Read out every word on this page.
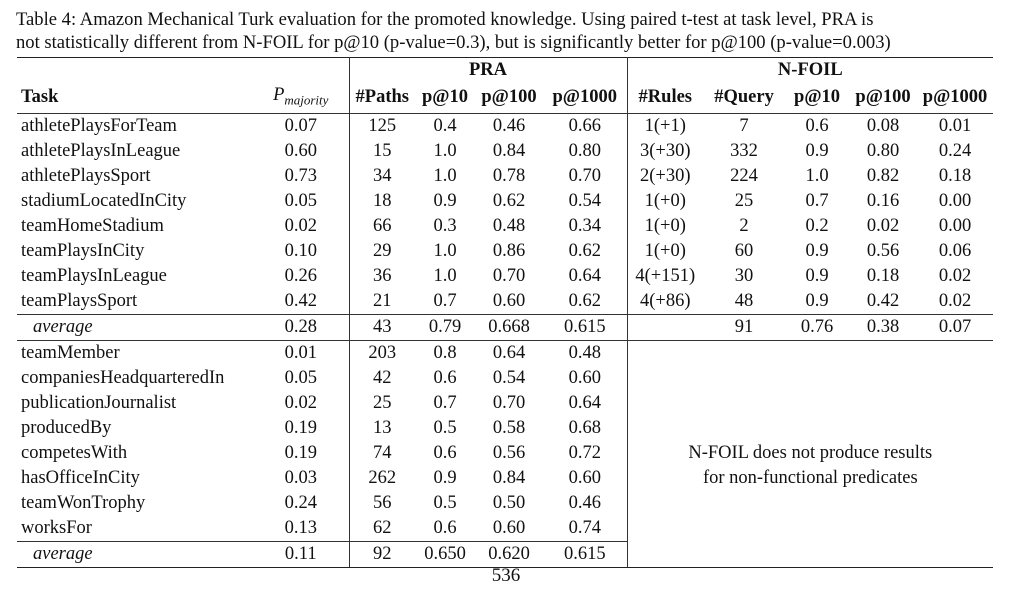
Table 4: Amazon Mechanical Turk evaluation for the promoted knowledge. Using paired t-test at task level, PRA is
not statistically different from N-FOIL for p@10 (p-value=0.3), but is significantly better for p@100 (p-value=0.003)
		PRA				N-FOIL				
Task	$P_{majority}$	#Paths	p@10	p@100	p@1000	#Rules	#Query	p@10	p@100	p@1000
athletePlaysForTeam	0.07	125	0.4	0.46	0.66	1(+1)	7	0.6	0.08	0.01
athletePlaysInLeague	0.60	15	1.0	0.84	0.80	3(+30)	332	0.9	0.80	0.24
athletePlaysSport	0.73	34	1.0	0.78	0.70	2(+30)	224	1.0	0.82	0.18
stadiumLocatedInCity	0.05	18	0.9	0.62	0.54	1(+0)	25	0.7	0.16	0.00
teamHomeStadium	0.02	66	0.3	0.48	0.34	1(+0)	2	0.2	0.02	0.00
teamPlaysInCity	0.10	29	1.0	0.86	0.62	1(+0)	60	0.9	0.56	0.06
teamPlaysInLeague	0.26	36	1.0	0.70	0.64	4(+151)	30	0.9	0.18	0.02
teamPlaysSport	0.42	21	0.7	0.60	0.62	4(+86)	48	0.9	0.42	0.02
average	0.28	43	0.79	0.668	0.615		91	0.76	0.38	0.07
teamMember	0.01	203	0.8	0.64	0.48	N-FOIL does not produce results
for non-functional predicates				

companiesHeadquarteredIn	0.05	42	0.6	0.54	0.60					
publicationJournalist	0.02	25	0.7	0.70	0.64					
producedBy	0.19	13	0.5	0.58	0.68					
competesWith	0.19	74	0.6	0.56	0.72					
hasOfficeInCity	0.03	262	0.9	0.84	0.60					
teamWonTrophy	0.24	56	0.5	0.50	0.46					
worksFor	0.13	62	0.6	0.60	0.74					
average	0.11	92	0.650	0.620	0.615					
536
